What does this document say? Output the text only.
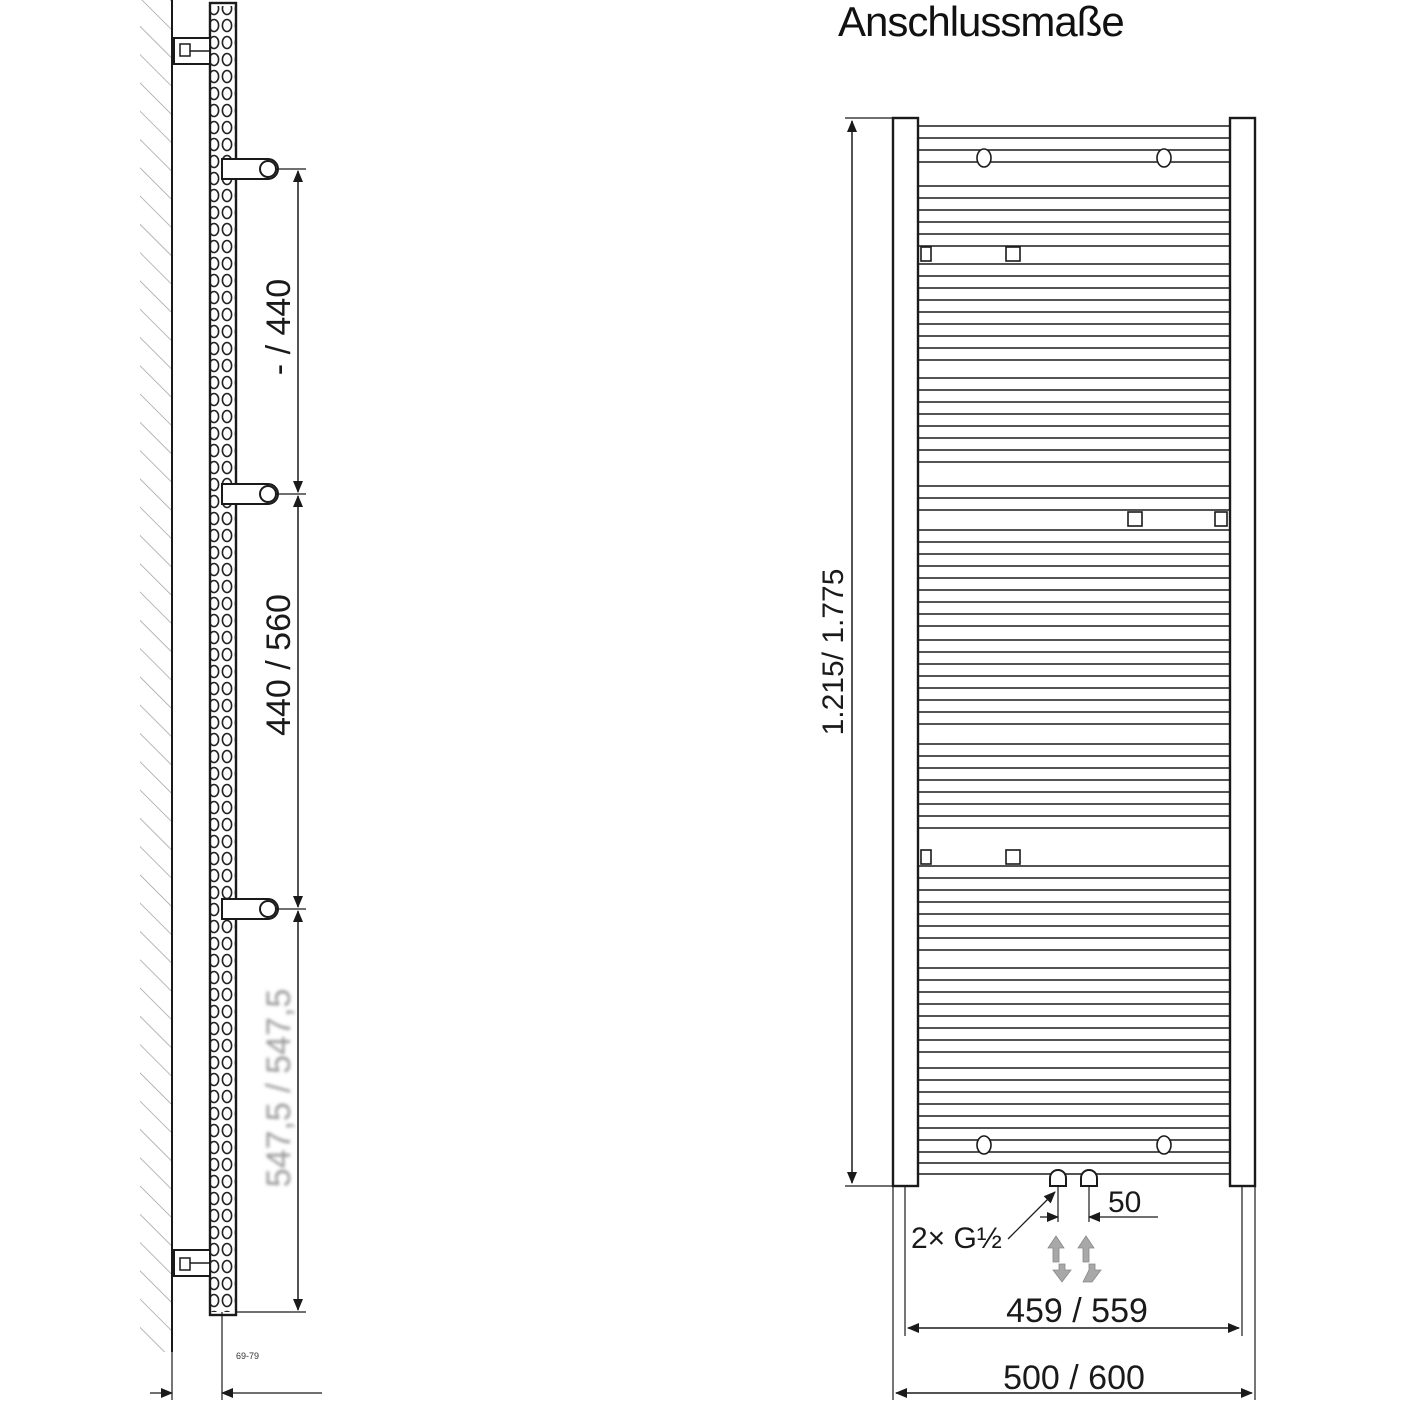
- / 440
440 / 560
547,5 / 547,5
69-79
Anschlussmaße
50
2× G½
1.215/ 1.775
459 / 559
500 / 600
